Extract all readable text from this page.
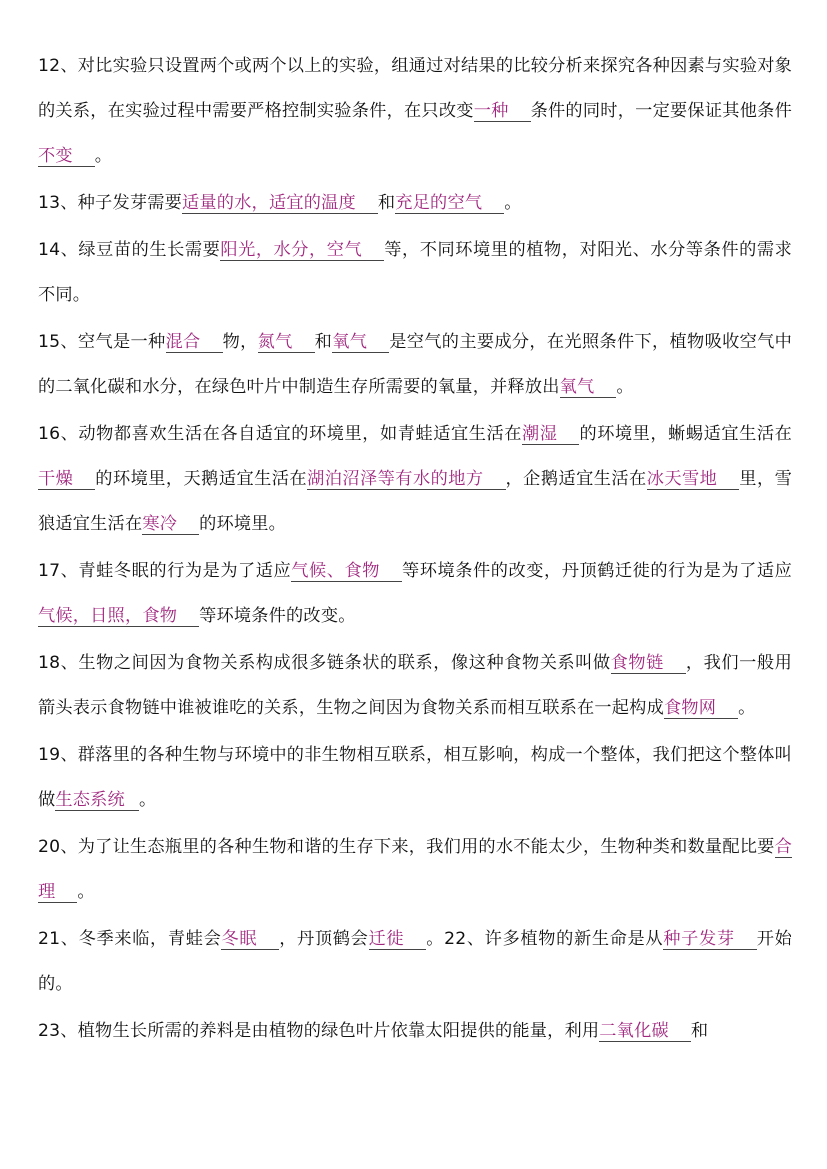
12、对比实验只设置两个或两个以上的实验，组通过对结果的比较分析来探究各种因素与实验对象的关系，在实验过程中需要严格控制实验条件，在只改变一种 条件的同时，一定要保证其他条件不变 。

13、种子发芽需要适量的水，适宜的温度 和充足的空气 。

14、绿豆苗的生长需要阳光，水分，空气 等，不同环境里的植物，对阳光、水分等条件的需求不同。

15、空气是一种混合 物，氮气 和氧气 是空气的主要成分，在光照条件下，植物吸收空气中的二氧化碳和水分，在绿色叶片中制造生存所需要的氧量，并释放出氧气 。

16、动物都喜欢生活在各自适宜的环境里，如青蛙适宜生活在潮湿 的环境里，蜥蜴适宜生活在干燥 的环境里，天鹅适宜生活在湖泊沼泽等有水的地方 ，企鹅适宜生活在冰天雪地 里，雪狼适宜生活在寒冷 的环境里。

17、青蛙冬眠的行为是为了适应气候、食物 等环境条件的改变，丹顶鹤迁徙的行为是为了适应气候，日照，食物 等环境条件的改变。

18、生物之间因为食物关系构成很多链条状的联系，像这种食物关系叫做食物链 ，我们一般用箭头表示食物链中谁被谁吃的关系，生物之间因为食物关系而相互联系在一起构成食物网 。

19、群落里的各种生物与环境中的非生物相互联系，相互影响，构成一个整体，我们把这个整体叫做生态系统 。

20、为了让生态瓶里的各种生物和谐的生存下来，我们用的水不能太少，生物种类和数量配比要合理 。

21、冬季来临，青蛙会冬眠 ，丹顶鹤会迁徙 。22、许多植物的新生命是从种子发芽 开始的。

23、植物生长所需的养料是由植物的绿色叶片依靠太阳提供的能量，利用二氧化碳 和
